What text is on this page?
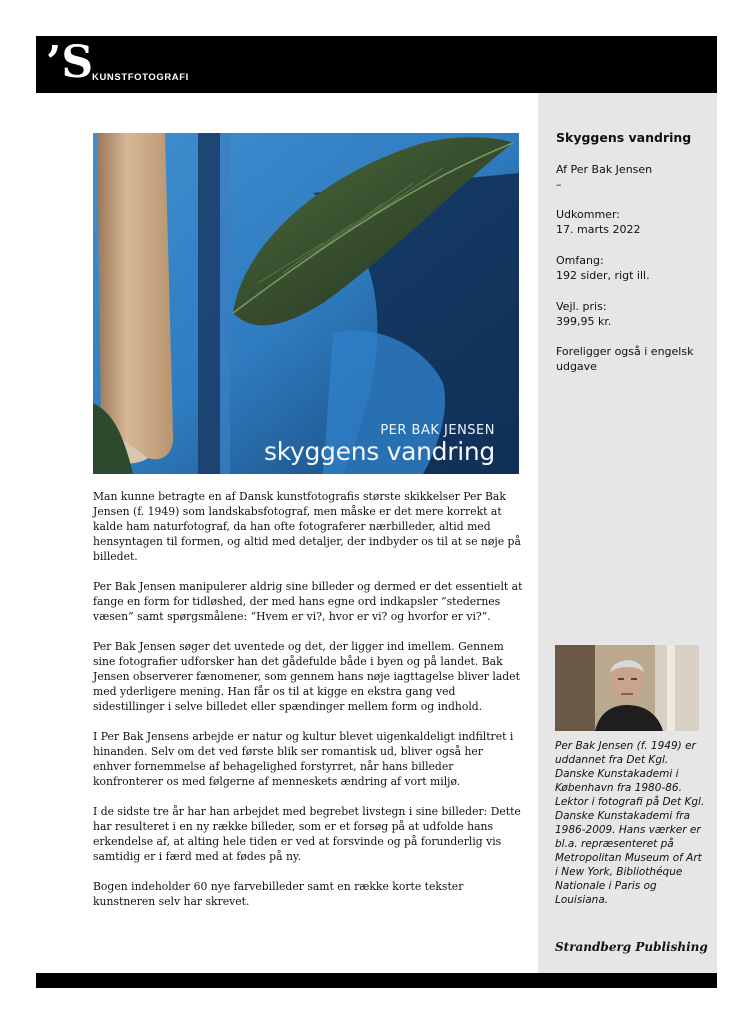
’S
KUNSTFOTOGRAFI
Skyggens vandring
Af Per Bak Jensen
–
Udkommer:
17. marts 2022
Omfang:
192 sider, rigt ill.
Vejl. pris:
399,95 kr.
Foreligger også i engelsk udgave
PER BAK JENSEN
skyggens vandring

Man kunne betragte en af Dansk kunstfotografis største skikkelser Per Bak Jensen (f. 1949) som landskabsfotograf, men måske er det mere korrekt at kalde ham naturfotograf, da han ofte fotograferer nærbilleder, altid med hensyntagen til formen, og altid med detaljer, der indbyder os til at se nøje på billedet.

Per Bak Jensen manipulerer aldrig sine billeder og dermed er det essentielt at fange en form for tidløshed, der med hans egne ord indkapsler ”stedernes væsen” samt spørgsmålene: “Hvem er vi?, hvor er vi? og hvorfor er vi?”.

Per Bak Jensen søger det uventede og det, der ligger ind imellem. Gennem sine fotografier udforsker han det gådefulde både i byen og på landet. Bak Jensen observerer fænomener, som gennem hans nøje iagttagelse bliver ladet med yderligere mening. Han får os til at kigge en ekstra gang ved sidestillinger i selve billedet eller spændinger mellem form og indhold.

I Per Bak Jensens arbejde er natur og kultur blevet uigenkaldeligt indfiltret i hinanden. Selv om det ved første blik ser romantisk ud, bliver også her enhver fornemmelse af behagelighed forstyrret, når hans billeder konfronterer os med følgerne af menneskets ændring af vort miljø.

I de sidste tre år har han arbejdet med begrebet livstegn i sine billeder: Dette har resulteret i en ny række billeder, som er et forsøg på at udfolde hans erkendelse af, at alting hele tiden er ved at forsvinde og på forunderlig vis samtidig er i færd med at fødes på ny.

Bogen indeholder 60 nye farvebilleder samt en række korte tekster kunstneren selv har skrevet.

Per Bak Jensen (f. 1949) er uddannet fra Det Kgl. Danske Kunstakademi i København fra 1980-86. Lektor i fotografi på Det Kgl. Danske Kunstakademi fra 1986-2009. Hans værker er bl.a. repræsenteret på Metropolitan Museum of Art i New York, Bibliothéque Nationale i Paris og Louisiana.
Strandberg Publishing
